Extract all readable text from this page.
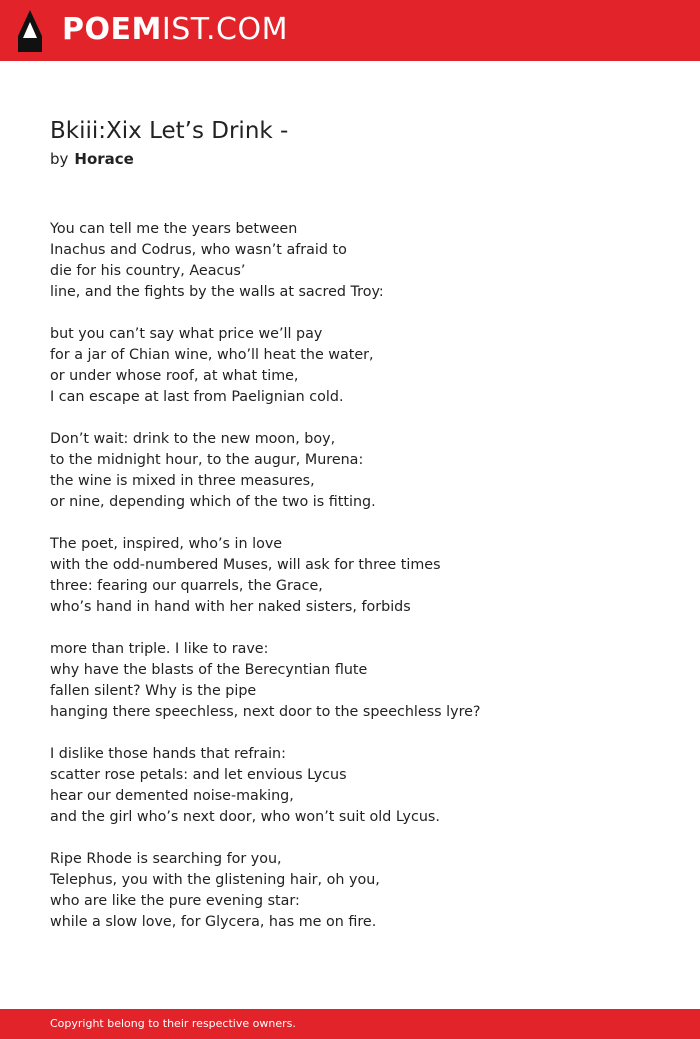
POEMIST.COM
Bkiii:Xix Let’s Drink -
by Horace
You can tell me the years between
Inachus and Codrus, who wasn’t afraid to
die for his country, Aeacus’
line, and the fights by the walls at sacred Troy:
but you can’t say what price we’ll pay
for a jar of Chian wine, who’ll heat the water,
or under whose roof, at what time,
I can escape at last from Paelignian cold.
Don’t wait: drink to the new moon, boy,
to the midnight hour, to the augur, Murena:
the wine is mixed in three measures,
or nine, depending which of the two is fitting.
The poet, inspired, who’s in love
with the odd-numbered Muses, will ask for three times
three: fearing our quarrels, the Grace,
who’s hand in hand with her naked sisters, forbids
more than triple. I like to rave:
why have the blasts of the Berecyntian flute
fallen silent? Why is the pipe
hanging there speechless, next door to the speechless lyre?
I dislike those hands that refrain:
scatter rose petals: and let envious Lycus
hear our demented noise-making,
and the girl who’s next door, who won’t suit old Lycus.
Ripe Rhode is searching for you,
Telephus, you with the glistening hair, oh you,
who are like the pure evening star:
while a slow love, for Glycera, has me on fire.
Copyright belong to their respective owners.
